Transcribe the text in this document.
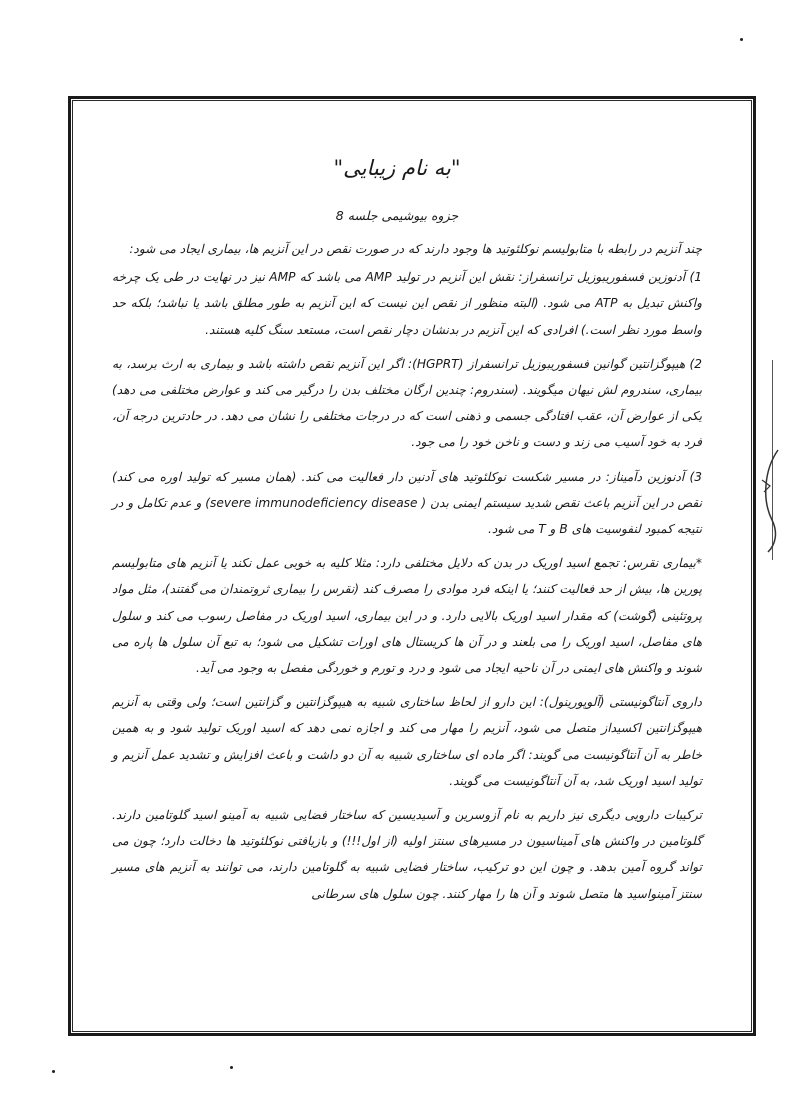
"به نام زیبایی"
جزوه بیوشیمی جلسه 8

چند آنزیم در رابطه با متابولیسم نوکلئوتید ها وجود دارند که در صورت نقص در این آنزیم ها، بیماری ایجاد می شود:

1) آدنوزین فسفوریبوزیل ترانسفراز: نقش این آنزیم در تولید AMP می باشد که AMP نیز در نهایت در طی یک چرخه واکنش تبدیل به ATP می شود. (البته منظور از نقص این نیست که این آنزیم به طور مطلق باشد یا نباشد؛ بلکه حد واسط مورد نظر است.) افرادی که این آنزیم در بدنشان دچار نقص است، مستعد سنگ کلیه هستند.

2) هیپوگزانتین گوانین فسفوریبوزیل ترانسفراز (HGPRT): اگر این آنزیم نقص داشته باشد و بیماری به ارث برسد، به بیماری، سندروم لش نیهان میگویند. (سندروم: چندین ارگان مختلف بدن را درگیر می کند و عوارض مختلفی می دهد) یکی از عوارض آن، عقب افتادگی جسمی و ذهنی است که در درجات مختلفی را نشان می دهد. در حادترین درجه آن، فرد به خود آسیب می زند و دست و ناخن خود را می جود.

3) آدنوزین دآمیناز: در مسیر شکست نوکلئوتید های آدنین دار فعالیت می کند. (همان مسیر که تولید اوره می کند) نقص در این آنزیم باعث نقص شدید سیستم ایمنی بدن ( severe immunodeficiency disease) و عدم تکامل و در نتیجه کمبود لنفوسیت های B و T می شود.

*بیماری نقرس: تجمع اسید اوریک در بدن که دلایل مختلفی دارد: مثلا کلیه به خوبی عمل نکند یا آنزیم های متابولیسم پورین ها، بیش از حد فعالیت کنند؛ یا اینکه فرد موادی را مصرف کند (نقرس را بیماری ثروتمندان می گفتند)، مثل مواد پروتئینی (گوشت) که مقدار اسید اوریک بالایی دارد. و در این بیماری، اسید اوریک در مفاصل رسوب می کند و سلول های مفاصل، اسید اوریک را می بلعند و در آن ها کریستال های اورات تشکیل می شود؛ به تبع آن سلول ها پاره می شوند و واکنش های ایمنی در آن ناحیه ایجاد می شود و درد و تورم و خوردگی مفصل به وجود می آید.

داروی آنتاگونیستی (آلوپورینول): این دارو از لحاظ ساختاری شبیه به هیپوگزانتین و گزانتین است؛ ولی وقتی به آنزیم هیپوگزانتین اکسیداز متصل می شود، آنزیم را مهار می کند و اجازه نمی دهد که اسید اوریک تولید شود و به همین خاطر به آن آنتاگونیست می گویند: اگر ماده ای ساختاری شبیه به آن دو داشت و باعث افزایش و تشدید عمل آنزیم و تولید اسید اوریک شد، به آن آنتاگونیست می گویند.

ترکیبات دارویی دیگری نیز داریم به نام آزوسرین و آسیدیسین که ساختار فضایی شبیه به آمینو اسید گلوتامین دارند. گلوتامین در واکنش های آمیناسیون در مسیرهای سنتز اولیه (از اول!!!) و بازیافتی نوکلئوتید ها دخالت دارد؛ چون می تواند گروه آمین بدهد. و چون این دو ترکیب، ساختار فضایی شبیه به گلوتامین دارند، می توانند به آنزیم های مسیر سنتز آمینواسید ها متصل شوند و آن ها را مهار کنند. چون سلول های سرطانی
